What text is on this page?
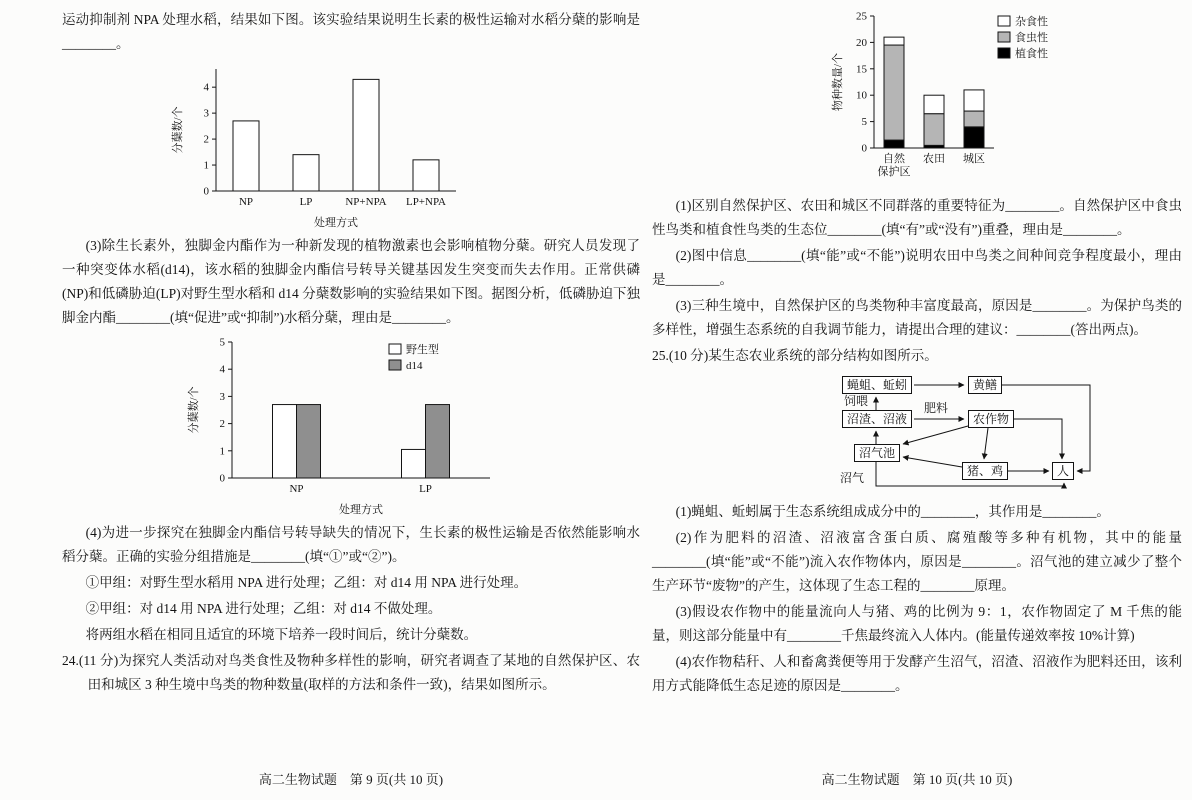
运动抑制剂 NPA 处理水稻，结果如下图。该实验结果说明生长素的极性运输对水稻分蘖的影响是________。

0
1
2
3
4
分蘖数/个
NP	LP	NP+NPA LP+NPA
处理方式

(3)除生长素外，独脚金内酯作为一种新发现的植物激素也会影响植物分蘖。研究人员发现了一种突变体水稻(d14)，该水稻的独脚金内酯信号转导关键基因发生突变而失去作用。正常供磷(NP)和低磷胁迫(LP)对野生型水稻和 d14 分蘖数影响的实验结果如下图。据图分析，低磷胁迫下独脚金内酯________(填“促进”或“抑制”)水稻分蘖，理由是________。

0
1
2
3
4
5
分蘖数/个
NP	LP
处理方式
野生型
d14

(4)为进一步探究在独脚金内酯信号转导缺失的情况下，生长素的极性运输是否依然能影响水稻分蘖。正确的实验分组措施是________(填“①”或“②”)。

①甲组：对野生型水稻用 NPA 进行处理；乙组：对 d14 用 NPA 进行处理。

②甲组：对 d14 用 NPA 进行处理；乙组：对 d14 不做处理。

将两组水稻在相同且适宜的环境下培养一段时间后，统计分蘖数。

24.(11 分)为探究人类活动对鸟类食性及物种多样性的影响，研究者调查了某地的自然保护区、农田和城区 3 种生境中鸟类的物种数量(取样的方法和条件一致)，结果如图所示。

0
5
10
15
20
25
物种数量/个
自然
保护区
农田 城区
杂食性
食虫性
植食性

(1)区别自然保护区、农田和城区不同群落的重要特征为________。自然保护区中食虫性鸟类和植食性鸟类的生态位________(填“有”或“没有”)重叠，理由是________。

(2)图中信息________(填“能”或“不能”)说明农田中鸟类之间种间竞争程度最小，理由是________。

(3)三种生境中，自然保护区的鸟类物种丰富度最高，原因是________。为保护鸟类的多样性，增强生态系统的自我调节能力，请提出合理的建议：________(答出两点)。

25.(10 分)某生态农业系统的部分结构如图所示。

蝇蛆、蚯蚓	黄鳝
沼渣、沼液	农作物
沼气池
猪、鸡	人
饲喂	肥料
沼气

(1)蝇蛆、蚯蚓属于生态系统组成成分中的________，其作用是________。

(2)作为肥料的沼渣、沼液富含蛋白质、腐殖酸等多种有机物，其中的能量________(填“能”或“不能”)流入农作物体内，原因是________。沼气池的建立减少了整个生产环节“废物”的产生，这体现了生态工程的________原理。

(3)假设农作物中的能量流向人与猪、鸡的比例为 9：1，农作物固定了 M 千焦的能量，则这部分能量中有________千焦最终流入人体内。(能量传递效率按 10%计算)

(4)农作物秸秆、人和畜禽粪便等用于发酵产生沼气，沼渣、沼液作为肥料还田，该利用方式能降低生态足迹的原因是________。

高二生物试题　第 9 页(共 10 页)	高二生物试题　第 10 页(共 10 页)
